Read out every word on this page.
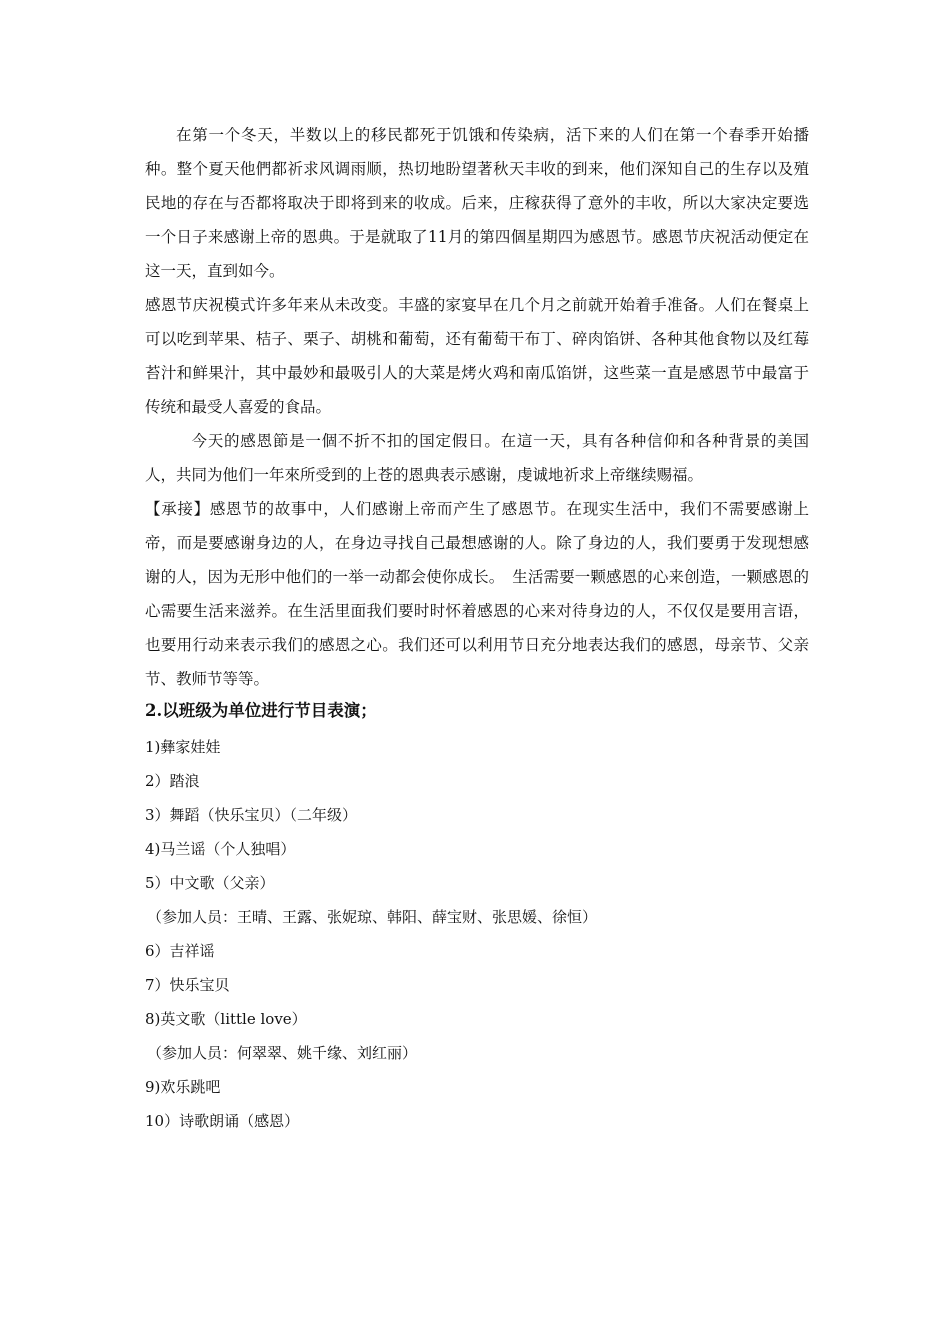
在第一个冬天，半数以上的移民都死于饥饿和传染病，活下来的人们在第一个春季开始播种。整个夏天他們都祈求风调雨顺，热切地盼望著秋天丰收的到来，他们深知自己的生存以及殖民地的存在与否都将取决于即将到来的收成。后来，庄稼获得了意外的丰收，所以大家决定要选一个日子来感谢上帝的恩典。于是就取了11月的第四個星期四为感恩节。感恩节庆祝活动便定在这一天，直到如今。

感恩节庆祝模式许多年来从未改变。丰盛的家宴早在几个月之前就开始着手准备。人们在餐桌上可以吃到苹果、桔子、栗子、胡桃和葡萄，还有葡萄干布丁、碎肉馅饼、各种其他食物以及红莓苔汁和鲜果汁，其中最妙和最吸引人的大菜是烤火鸡和南瓜馅饼，这些菜一直是感恩节中最富于传统和最受人喜爱的食品。

今天的感恩節是一個不折不扣的国定假日。在這一天，具有各种信仰和各种背景的美国人，共同为他们一年來所受到的上苍的恩典表示感谢，虔诚地祈求上帝继续赐福。

【承接】感恩节的故事中，人们感谢上帝而产生了感恩节。在现实生活中，我们不需要感谢上帝，而是要感谢身边的人，在身边寻找自己最想感谢的人。除了身边的人，我们要勇于发现想感谢的人，因为无形中他们的一举一动都会使你成长。　生活需要一颗感恩的心来创造，一颗感恩的心需要生活来滋养。在生活里面我们要时时怀着感恩的心来对待身边的人，不仅仅是要用言语，也要用行动来表示我们的感恩之心。我们还可以利用节日充分地表达我们的感恩，母亲节、父亲节、教师节等等。

2.以班级为单位进行节目表演；

1)彝家娃娃

2）踏浪

3）舞蹈（快乐宝贝）（二年级）

4)马兰谣（个人独唱）

5）中文歌（父亲）

（参加人员：王晴、王露、张妮琼、韩阳、薛宝财、张思媛、徐恒）

6）吉祥谣

7）快乐宝贝

8)英文歌（little love）

（参加人员：何翠翠、姚千缘、刘红丽）

9)欢乐跳吧

10）诗歌朗诵（感恩）
